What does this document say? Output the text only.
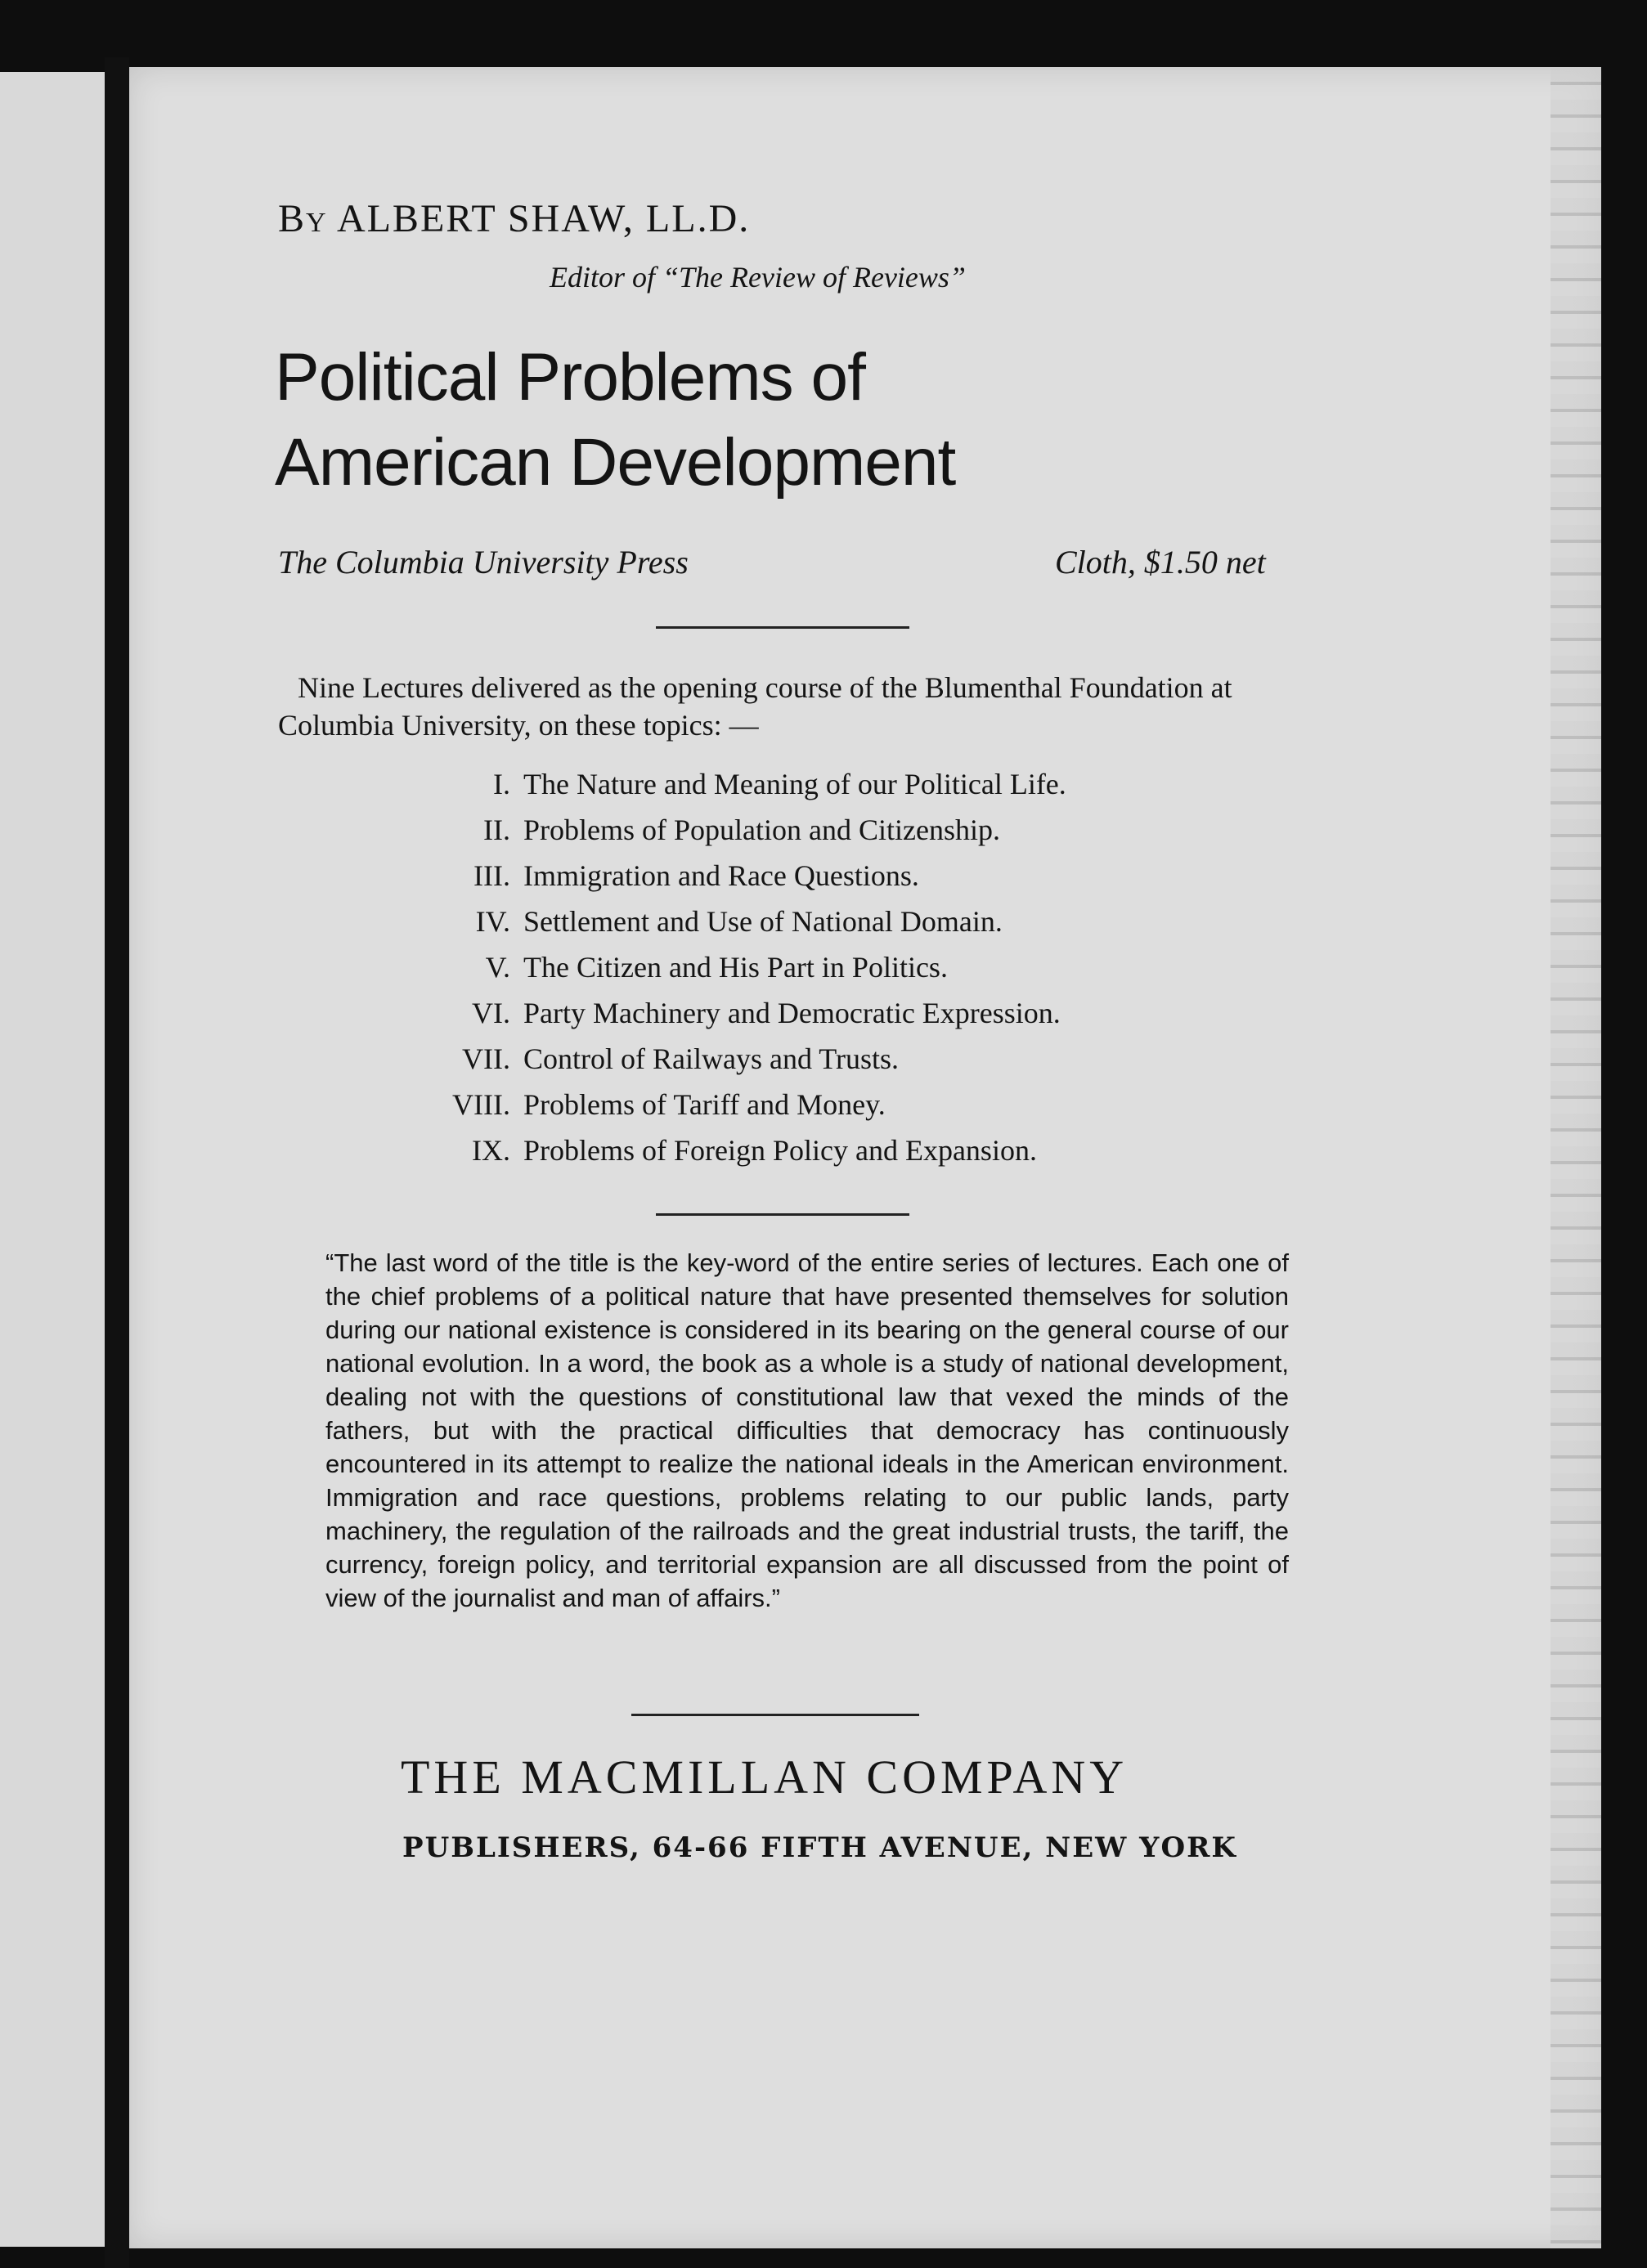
By ALBERT SHAW, LL.D.
Editor of “The Review of Reviews”
Political Problems of
American Development
The Columbia University Press	Cloth, $1.50 net
Nine Lectures delivered as the opening course of the Blumenthal Foundation at Columbia University, on these topics: —
I. The Nature and Meaning of our Political Life.
II. Problems of Population and Citizenship.
III. Immigration and Race Questions.
IV. Settlement and Use of National Domain.
V. The Citizen and His Part in Politics.
VI. Party Machinery and Democratic Expression.
VII. Control of Railways and Trusts.
VIII. Problems of Tariff and Money.
IX. Problems of Foreign Policy and Expansion.
“The last word of the title is the key-word of the entire series of lectures. Each one of the chief problems of a political nature that have presented themselves for solution during our national existence is considered in its bearing on the general course of our national evolution. In a word, the book as a whole is a study of national development, dealing not with the questions of constitutional law that vexed the minds of the fathers, but with the practical difficulties that democracy has continuously encountered in its attempt to realize the national ideals in the American environment. Immigration and race questions, problems relating to our public lands, party machinery, the regulation of the railroads and the great industrial trusts, the tariff, the currency, foreign policy, and territorial expansion are all discussed from the point of view of the journalist and man of affairs.”
THE MACMILLAN COMPANY
PUBLISHERS, 64-66 FIFTH AVENUE, NEW YORK
